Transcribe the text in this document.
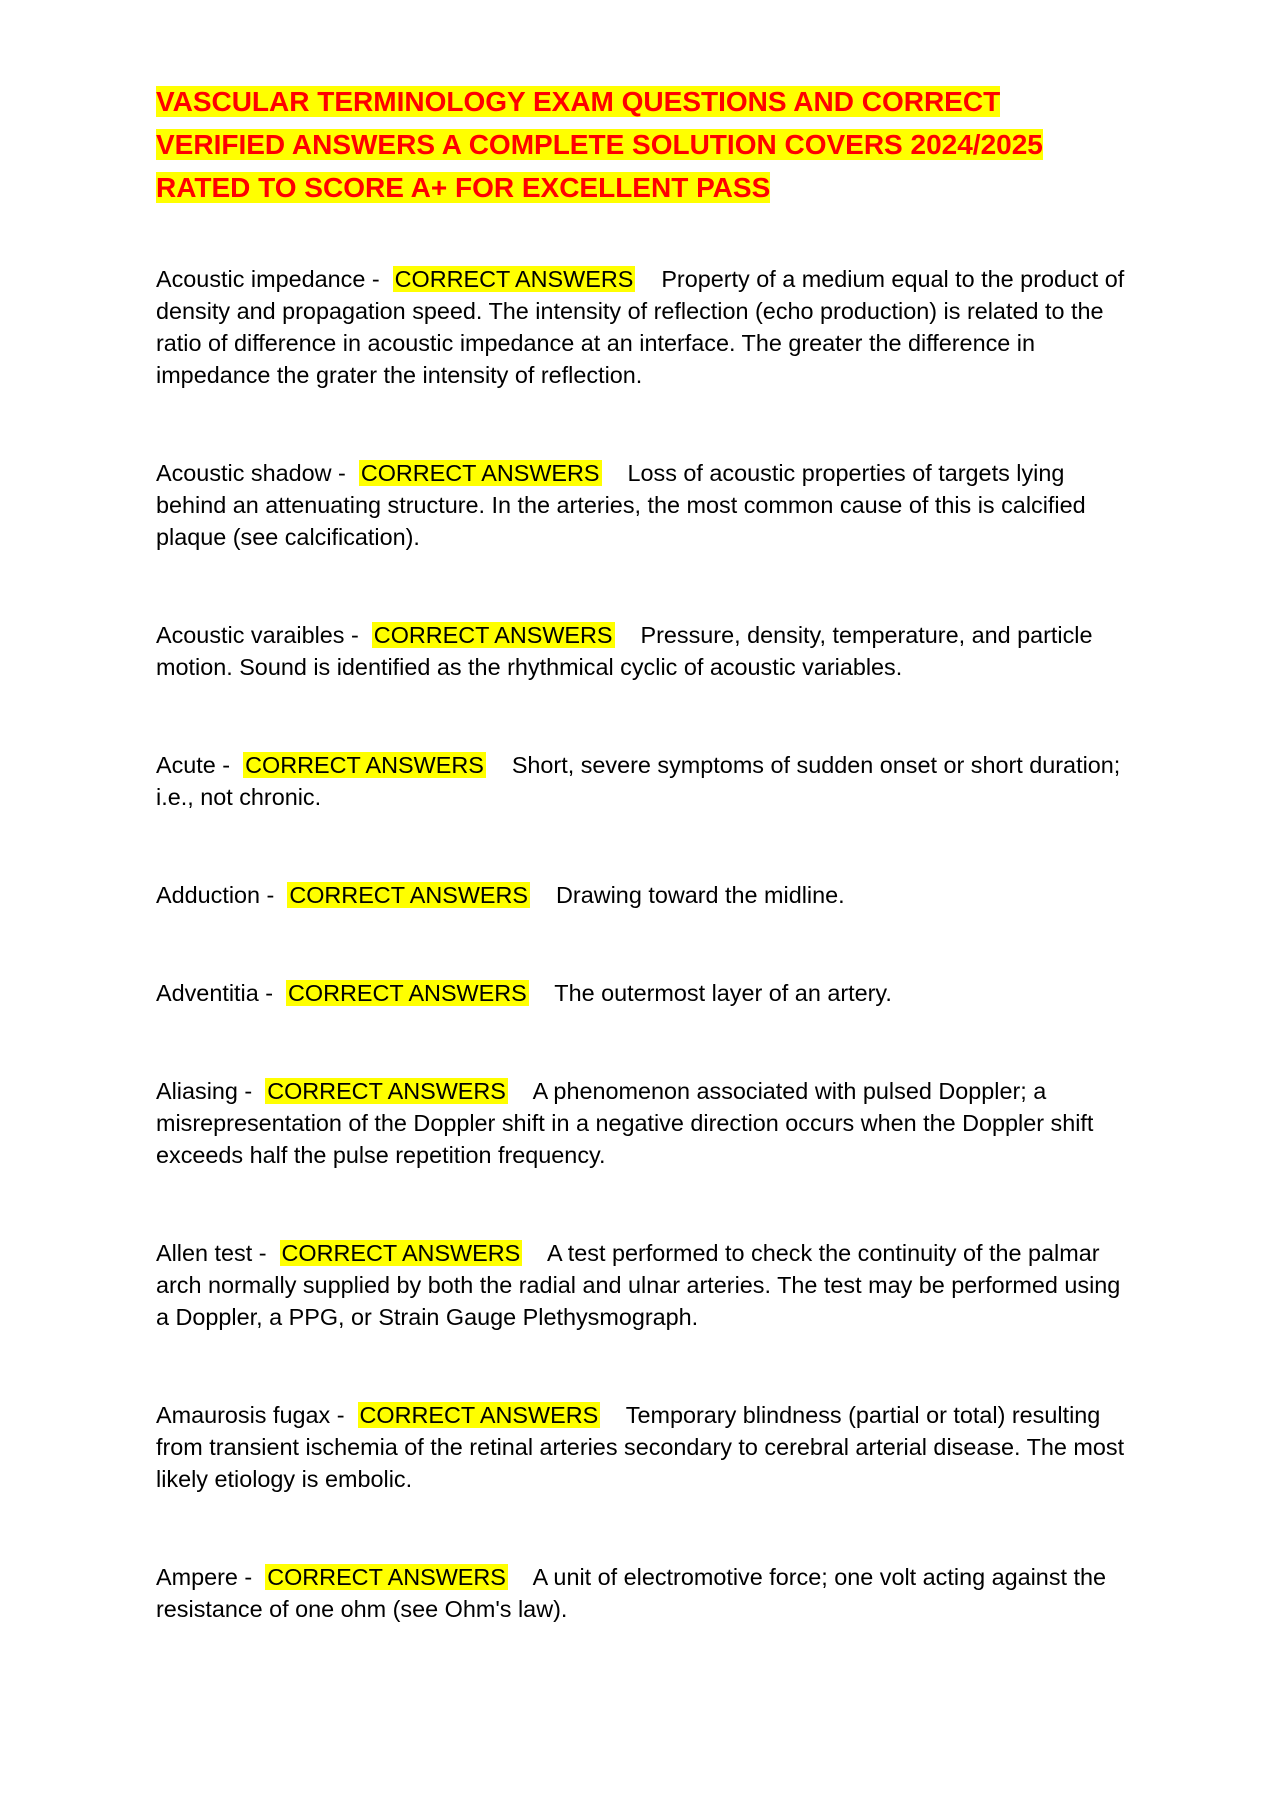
VASCULAR TERMINOLOGY EXAM QUESTIONS AND CORRECT VERIFIED ANSWERS A COMPLETE SOLUTION COVERS 2024/2025 RATED TO SCORE A+ FOR EXCELLENT PASS

Acoustic impedance - CORRECT ANSWERS Property of a medium equal to the product of density and propagation speed. The intensity of reflection (echo production) is related to the ratio of difference in acoustic impedance at an interface. The greater the difference in impedance the grater the intensity of reflection.

Acoustic shadow - CORRECT ANSWERS Loss of acoustic properties of targets lying behind an attenuating structure. In the arteries, the most common cause of this is calcified plaque (see calcification).

Acoustic varaibles - CORRECT ANSWERS Pressure, density, temperature, and particle motion. Sound is identified as the rhythmical cyclic of acoustic variables.

Acute - CORRECT ANSWERS Short, severe symptoms of sudden onset or short duration; i.e., not chronic.

Adduction - CORRECT ANSWERS Drawing toward the midline.

Adventitia - CORRECT ANSWERS The outermost layer of an artery.

Aliasing - CORRECT ANSWERS A phenomenon associated with pulsed Doppler; a misrepresentation of the Doppler shift in a negative direction occurs when the Doppler shift exceeds half the pulse repetition frequency.

Allen test - CORRECT ANSWERS A test performed to check the continuity of the palmar arch normally supplied by both the radial and ulnar arteries. The test may be performed using a Doppler, a PPG, or Strain Gauge Plethysmograph.

Amaurosis fugax - CORRECT ANSWERS Temporary blindness (partial or total) resulting from transient ischemia of the retinal arteries secondary to cerebral arterial disease. The most likely etiology is embolic.

Ampere - CORRECT ANSWERS A unit of electromotive force; one volt acting against the resistance of one ohm (see Ohm's law).
